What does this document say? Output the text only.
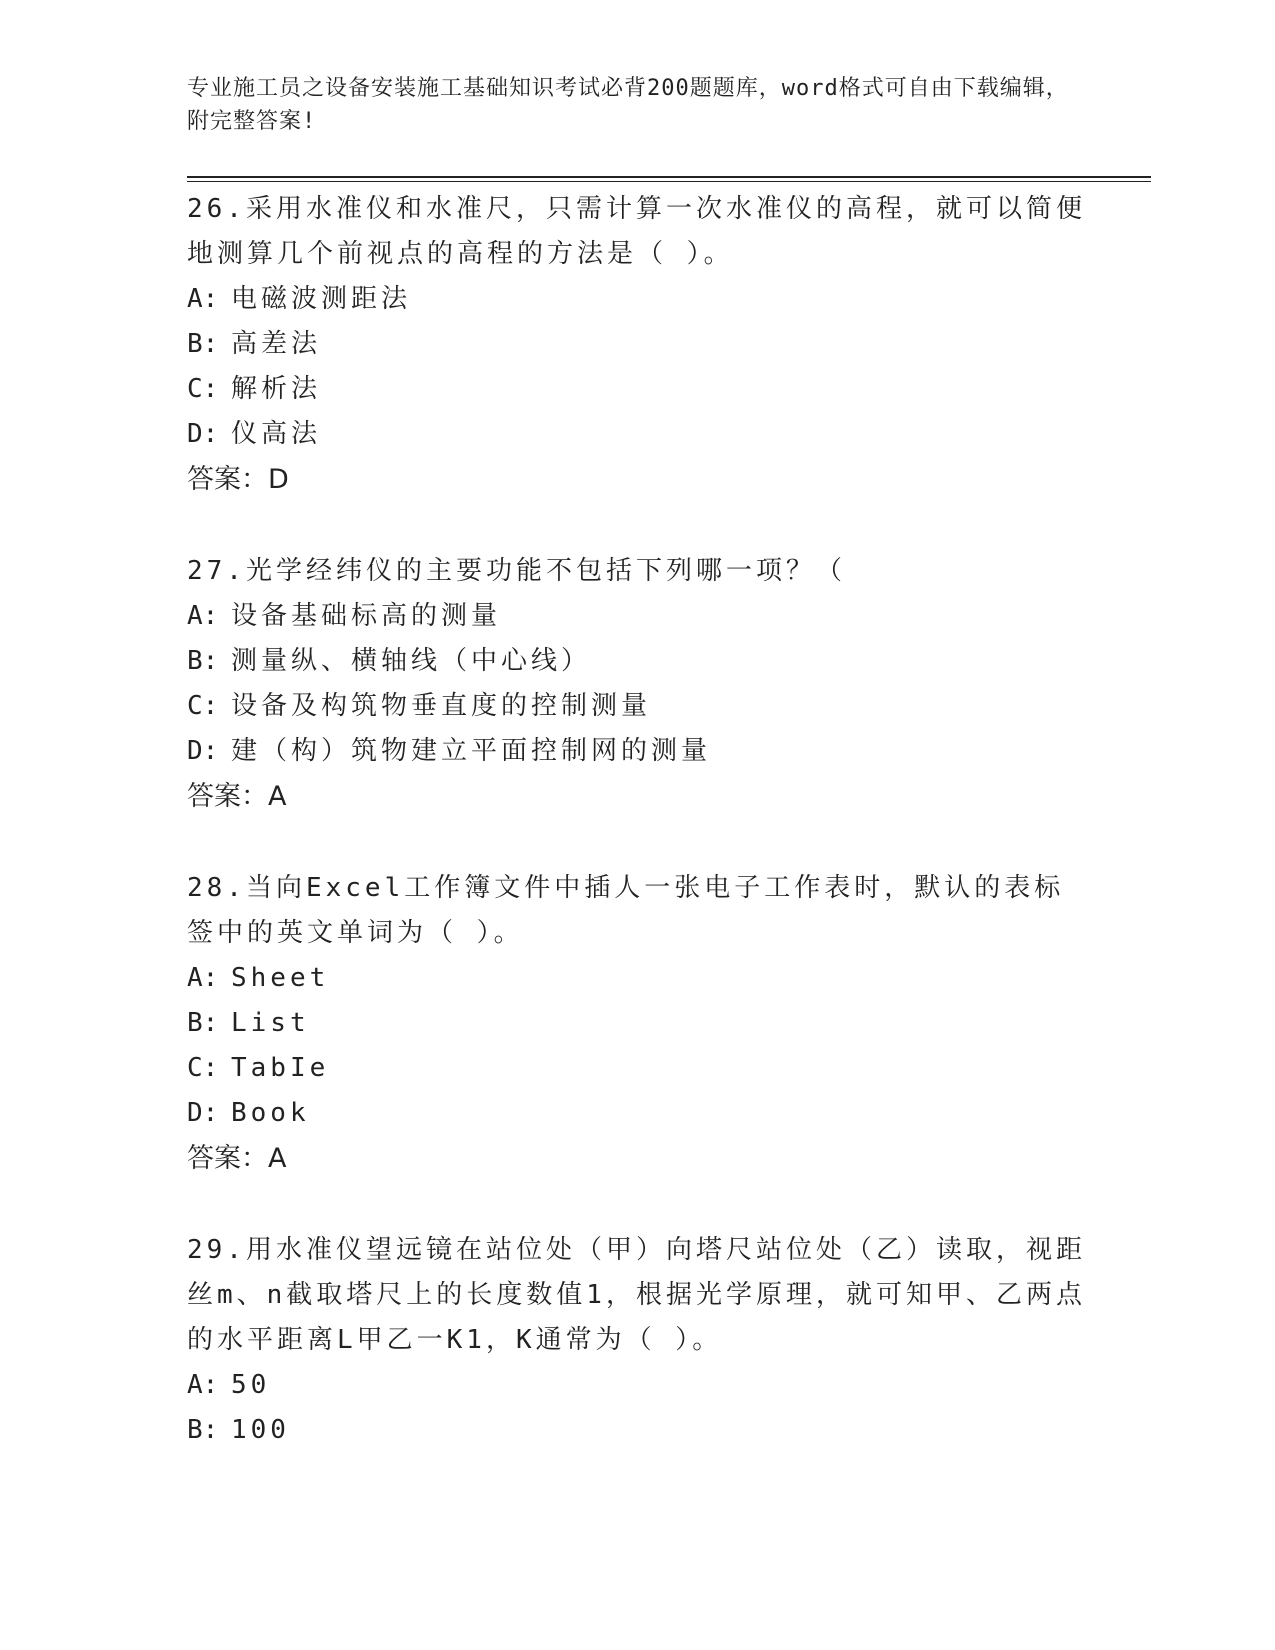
专业施工员之设备安装施工基础知识考试必背200题题库，word格式可自由下载编辑，附完整答案!

26.采用水准仪和水准尺，只需计算一次水准仪的高程，就可以简便地测算几个前视点的高程的方法是（ ）。

A: 电磁波测距法

B: 高差法

C: 解析法

D: 仪高法

答案：D

27.光学经纬仪的主要功能不包括下列哪一项？（

A: 设备基础标高的测量

B: 测量纵、横轴线（中心线）

C: 设备及构筑物垂直度的控制测量

D: 建（构）筑物建立平面控制网的测量

答案：A

28.当向Excel工作簿文件中插人一张电子工作表时，默认的表标签中的英文单词为（ ）。

A: Sheet

B: List

C: TabIe

D: Book

答案：A

29.用水准仪望远镜在站位处（甲）向塔尺站位处（乙）读取，视距丝m、n截取塔尺上的长度数值1，根据光学原理，就可知甲、乙两点的水平距离L甲乙一K1，K通常为（ ）。

A: 50

B: 100
